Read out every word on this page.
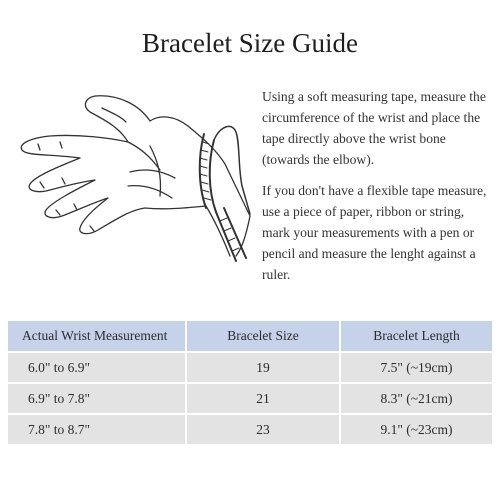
Bracelet Size Guide

Using a soft measuring tape, measure the circumference of the wrist and place the tape directly above the wrist bone (towards the elbow).

If you don't have a flexible tape measure, use a piece of paper, ribbon or string, mark your measurements with a pen or pencil and measure the lenght against a ruler.

Actual Wrist Measurement	Bracelet Size	Bracelet Length
6.0" to 6.9"	19	7.5" (~19cm)
6.9" to 7.8"	21	8.3" (~21cm)
7.8" to 8.7"	23	9.1" (~23cm)
